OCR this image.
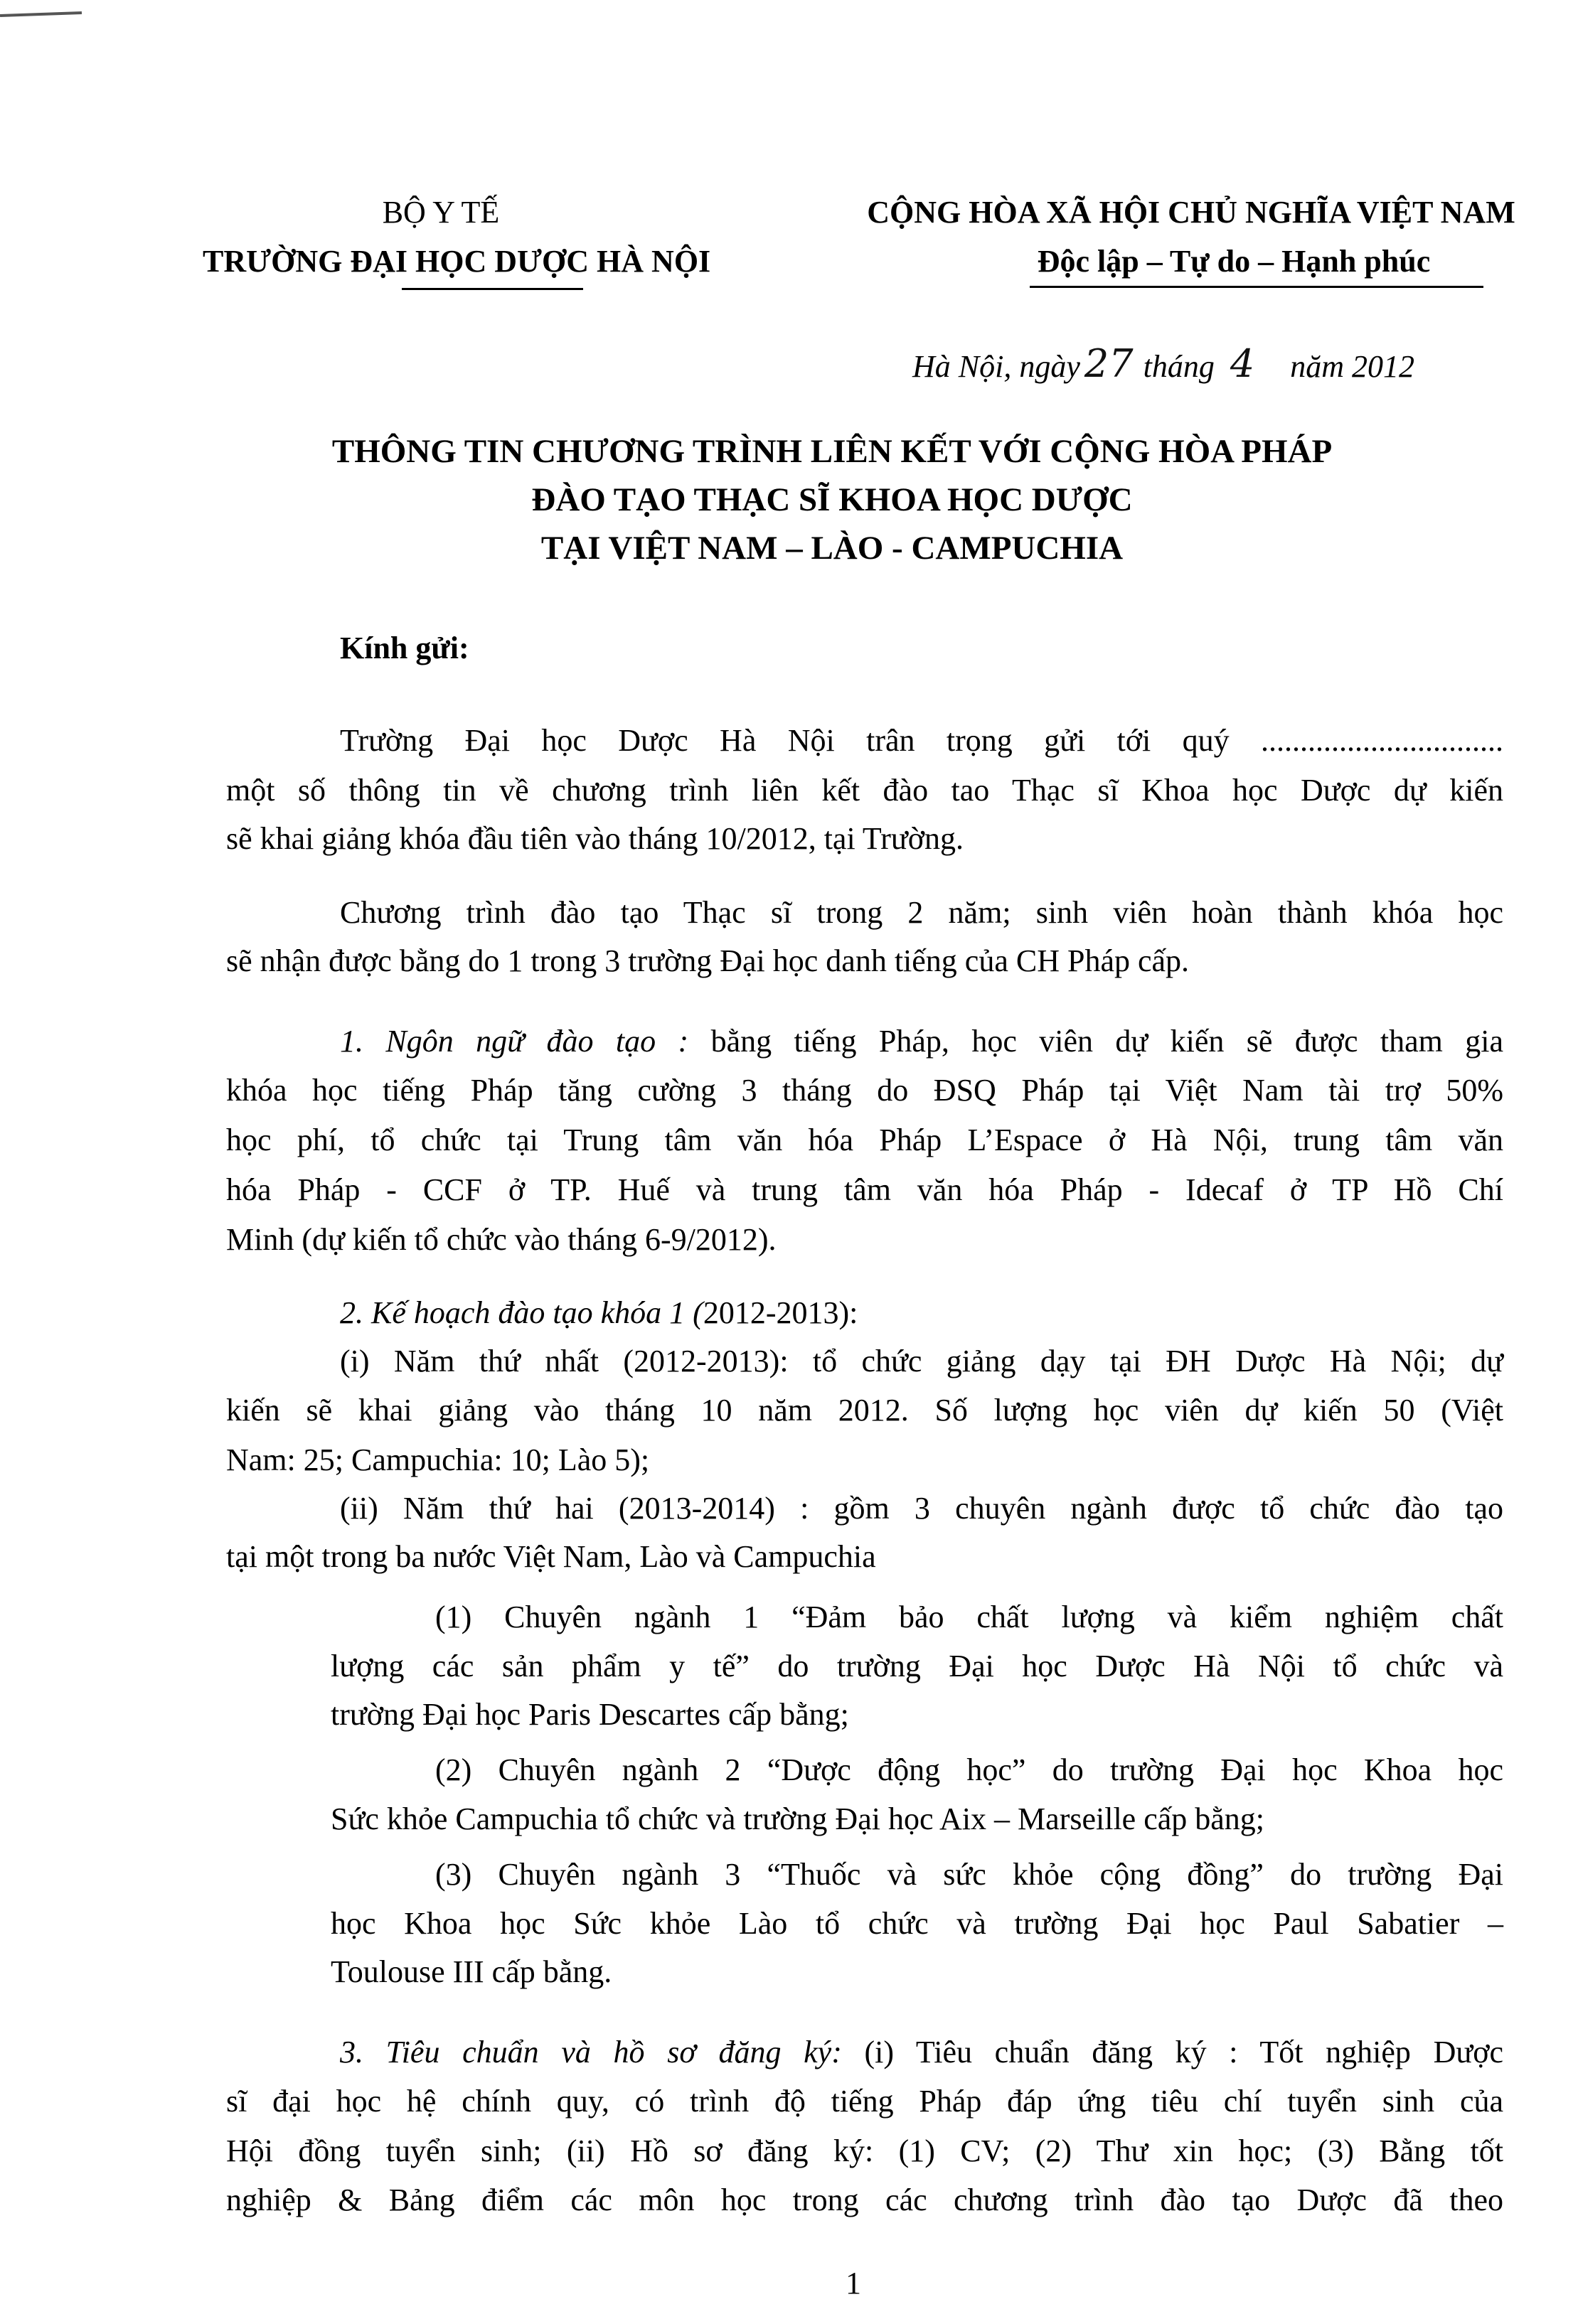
BỘ Y TẾ
TRƯỜNG ĐẠI HỌC DƯỢC HÀ NỘI
CỘNG HÒA XÃ HỘI CHỦ NGHĨA VIỆT NAM
Độc lập – Tự do – Hạnh phúc
Hà Nội, ngày 27 tháng 4 năm 2012
THÔNG TIN CHƯƠNG TRÌNH LIÊN KẾT VỚI CỘNG HÒA PHÁP
ĐÀO TẠO THẠC SĨ KHOA HỌC DƯỢC
TẠI VIỆT NAM – LÀO - CAMPUCHIA
Kính gửi:
Trường Đại học Dược Hà Nội trân trọng gửi tới quý ...............................
một số thông tin về chương trình liên kết đào tao Thạc sĩ Khoa học Dược dự kiến
sẽ khai giảng khóa đầu tiên vào tháng 10/2012, tại Trường.
Chương trình đào tạo Thạc sĩ trong 2 năm; sinh viên hoàn thành khóa học
sẽ nhận được bằng do 1 trong 3 trường Đại học danh tiếng của CH Pháp cấp.
1. Ngôn ngữ đào tạo : bằng tiếng Pháp, học viên dự kiến sẽ được tham gia
khóa học tiếng Pháp tăng cường 3 tháng do ĐSQ Pháp tại Việt Nam tài trợ 50%
học phí, tổ chức tại Trung tâm văn hóa Pháp L’Espace ở Hà Nội, trung tâm văn
hóa Pháp - CCF ở TP. Huế và trung tâm văn hóa Pháp - Idecaf ở TP Hồ Chí
Minh (dự kiến tổ chức vào tháng 6-9/2012).
2. Kế hoạch đào tạo khóa 1 (2012-2013):
(i) Năm thứ nhất (2012-2013): tổ chức giảng dạy tại ĐH Dược Hà Nội; dự
kiến sẽ khai giảng vào tháng 10 năm 2012. Số lượng học viên dự kiến 50 (Việt
Nam: 25; Campuchia: 10; Lào 5);
(ii) Năm thứ hai (2013-2014) : gồm 3 chuyên ngành được tổ chức đào tạo
tại một trong ba nước Việt Nam, Lào và Campuchia
(1) Chuyên ngành 1 “Đảm bảo chất lượng và kiểm nghiệm chất
lượng các sản phẩm y tế” do trường Đại học Dược Hà Nội tổ chức và
trường Đại học Paris Descartes cấp bằng;
(2) Chuyên ngành 2 “Dược động học” do trường Đại học Khoa học
Sức khỏe Campuchia tổ chức và trường Đại học Aix – Marseille cấp bằng;
(3) Chuyên ngành 3 “Thuốc và sức khỏe cộng đồng” do trường Đại
học Khoa học Sức khỏe Lào tổ chức và trường Đại học Paul Sabatier –
Toulouse III cấp bằng.
3. Tiêu chuẩn và hồ sơ đăng ký: (i) Tiêu chuẩn đăng ký : Tốt nghiệp Dược
sĩ đại học hệ chính quy, có trình độ tiếng Pháp đáp ứng tiêu chí tuyển sinh của
Hội đồng tuyển sinh; (ii) Hồ sơ đăng ký: (1) CV; (2) Thư xin học; (3) Bằng tốt
nghiệp & Bảng điểm các môn học trong các chương trình đào tạo Dược đã theo
1
